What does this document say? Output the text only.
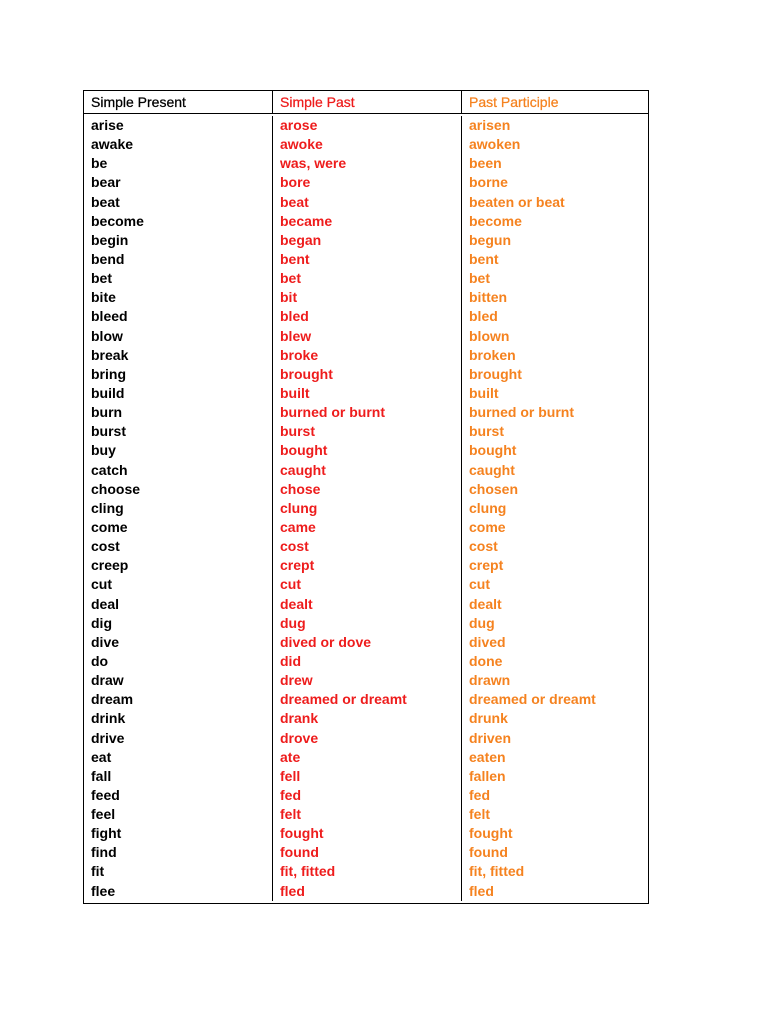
Simple Present	Simple Past	Past Participle
arise
awake
be
bear
beat
become
begin
bend
bet
bite
bleed
blow
break
bring
build
burn
burst
buy
catch
choose
cling
come
cost
creep
cut
deal
dig
dive
do
draw
dream
drink
drive
eat
fall
feed
feel
fight
find
fit
flee
arose
awoke
was, were
bore
beat
became
began
bent
bet
bit
bled
blew
broke
brought
built
burned or burnt
burst
bought
caught
chose
clung
came
cost
crept
cut
dealt
dug
dived or dove
did
drew
dreamed or dreamt
drank
drove
ate
fell
fed
felt
fought
found
fit, fitted
fled
arisen
awoken
been
borne
beaten or beat
become
begun
bent
bet
bitten
bled
blown
broken
brought
built
burned or burnt
burst
bought
caught
chosen
clung
come
cost
crept
cut
dealt
dug
dived
done
drawn
dreamed or dreamt
drunk
driven
eaten
fallen
fed
felt
fought
found
fit, fitted
fled
